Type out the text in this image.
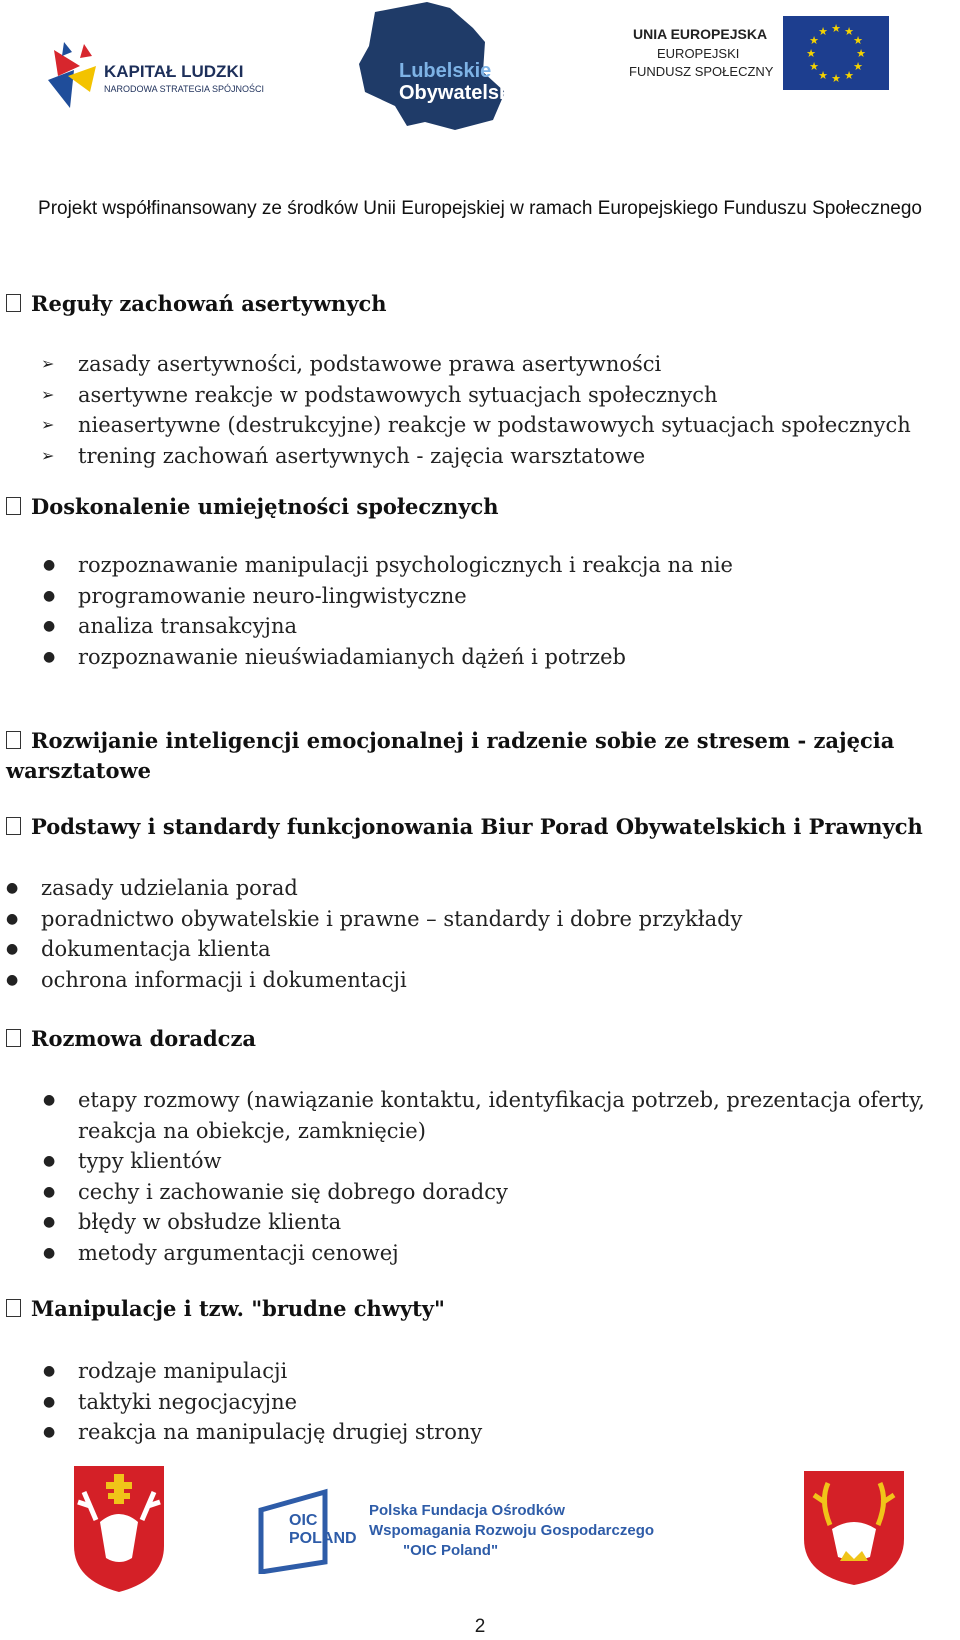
KAPITAŁ LUDZKI
NARODOWA STRATEGIA SPÓJNOŚCI
Lubelskie
Obywatelskie
UNIA EUROPEJSKA
EUROPEJSKI
FUNDUSZ SPOŁECZNY
★ ★
★
★
★
★
★
★
★
★
★
★
Projekt współfinansowany ze środków Unii Europejskiej w ramach Europejskiego Funduszu Społecznego
Reguły zachowań asertywnych
➢ zasady asertywności, podstawowe prawa asertywności
➢ asertywne reakcje w podstawowych sytuacjach społecznych
➢ nieasertywne (destrukcyjne) reakcje w podstawowych sytuacjach społecznych
➢ trening zachowań asertywnych - zajęcia warsztatowe
Doskonalenie umiejętności społecznych
● rozpoznawanie manipulacji psychologicznych i reakcja na nie
● programowanie neuro-lingwistyczne
● analiza transakcyjna
● rozpoznawanie nieuświadamianych dążeń i potrzeb
Rozwijanie inteligencji emocjonalnej i radzenie sobie ze stresem - zajęcia
warsztatowe
Podstawy i standardy funkcjonowania Biur Porad Obywatelskich i Prawnych
● zasady udzielania porad
● poradnictwo obywatelskie i prawne – standardy i dobre przykłady
● dokumentacja klienta
● ochrona informacji i dokumentacji
Rozmowa doradcza
● etapy rozmowy (nawiązanie kontaktu, identyfikacja potrzeb, prezentacja oferty,
reakcja na obiekcje, zamknięcie)
● typy klientów
● cechy i zachowanie się dobrego doradcy
● błędy w obsłudze klienta
● metody argumentacji cenowej
Manipulacje i tzw. "brudne chwyty"
● rodzaje manipulacji
● taktyki negocjacyjne
● reakcja na manipulację drugiej strony
OIC
POLAND
Polska Fundacja Ośrodków
Wspomagania Rozwoju Gospodarczego
"OIC Poland"
2
